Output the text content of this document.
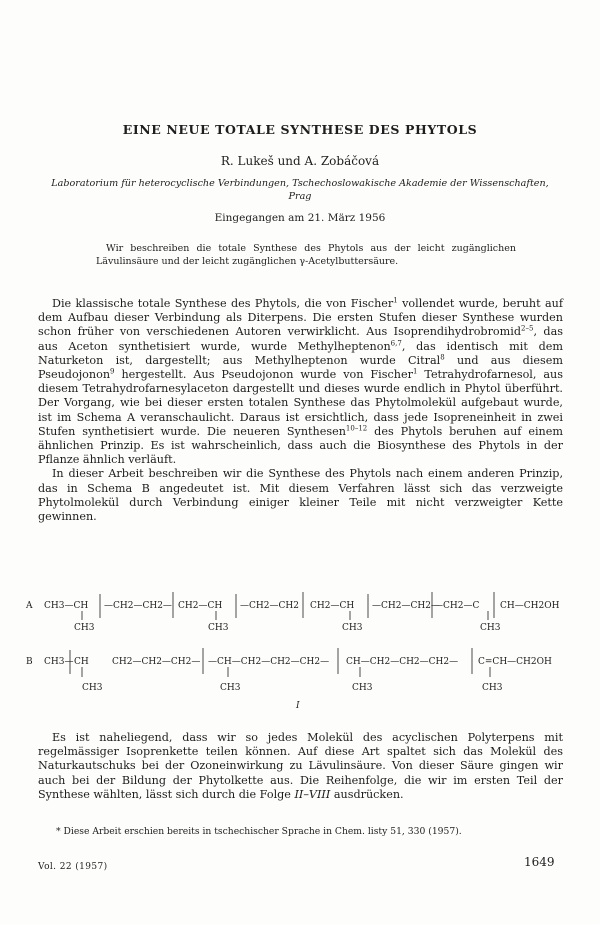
EINE NEUE TOTALE SYNTHESE DES PHYTOLS
R. Lukeš und A. Zobáčová
Laboratorium für heterocyclische Verbindungen, Tschechoslowakische Akademie der Wissenschaften,
Prag
Eingegangen am 21. März 1956
Wir beschreiben die totale Synthese des Phytols aus der leicht zugänglichen Lävulinsäure und der leicht zugänglichen γ-Acetylbuttersäure.
Die klassische totale Synthese des Phytols, die von Fischer$^1$ vollendet wurde, beruht auf dem Aufbau dieser Verbindung als Diterpens. Die ersten Stufen dieser Synthese wurden schon früher von verschiedenen Autoren verwirklicht. Aus Isoprendihydrobromid$^{2-5}$, das aus Aceton synthetisiert wurde, wurde Methylheptenon$^{6,7}$, das identisch mit dem Naturketon ist, dargestellt; aus Methylheptenon wurde Citral$^8$ und aus diesem Pseudojonon$^9$ hergestellt. Aus Pseudojonon wurde von Fischer$^1$ Tetrahydrofarnesol, aus diesem Tetrahydrofarnesylaceton dargestellt und dieses wurde endlich in Phytol überführt. Der Vorgang, wie bei dieser ersten totalen Synthese das Phytolmolekül aufgebaut wurde, ist im Schema A veranschaulicht. Daraus ist ersichtlich, dass jede Isopreneinheit in zwei Stufen synthetisiert wurde. Die neueren Synthesen$^{10-12}$ des Phytols beruhen auf einem ähnlichen Prinzip. Es ist wahrscheinlich, dass auch die Biosynthese des Phytols in der Pflanze ähnlich verläuft.
In dieser Arbeit beschreiben wir die Synthese des Phytols nach einem anderen Prinzip, das in Schema B angedeutet ist. Mit diesem Verfahren lässt sich das verzweigte Phytolmolekül durch Verbindung einiger kleiner Teile mit nicht verzweigter Kette gewinnen.
A CH3—CH —CH2—CH2— CH2—CH —CH2—CH2 CH2—CH —CH2—CH2—
—CH2—C CH—CH2OH
CH3	CH3	CH3	CH3
B CH3— CH	CH2—CH2—CH2— —CH—CH2—CH2—CH2— CH—CH2—CH2—CH2— C=CH—CH2OH
CH3	CH3	CH3	CH3
I
Es ist naheliegend, dass wir so jedes Molekül des acyclischen Polyterpens mit regelmässiger Isoprenkette teilen können. Auf diese Art spaltet sich das Molekül des Naturkautschuks bei der Ozoneinwirkung zu Lävulinsäure. Von dieser Säure gingen wir auch bei der Bildung der Phytolkette aus. Die Reihenfolge, die wir im ersten Teil der Synthese wählten, lässt sich durch die Folge II–VIII ausdrücken.
* Diese Arbeit erschien bereits in tschechischer Sprache in Chem. listy 51, 330 (1957).
Vol. 22 (1957)	1649
